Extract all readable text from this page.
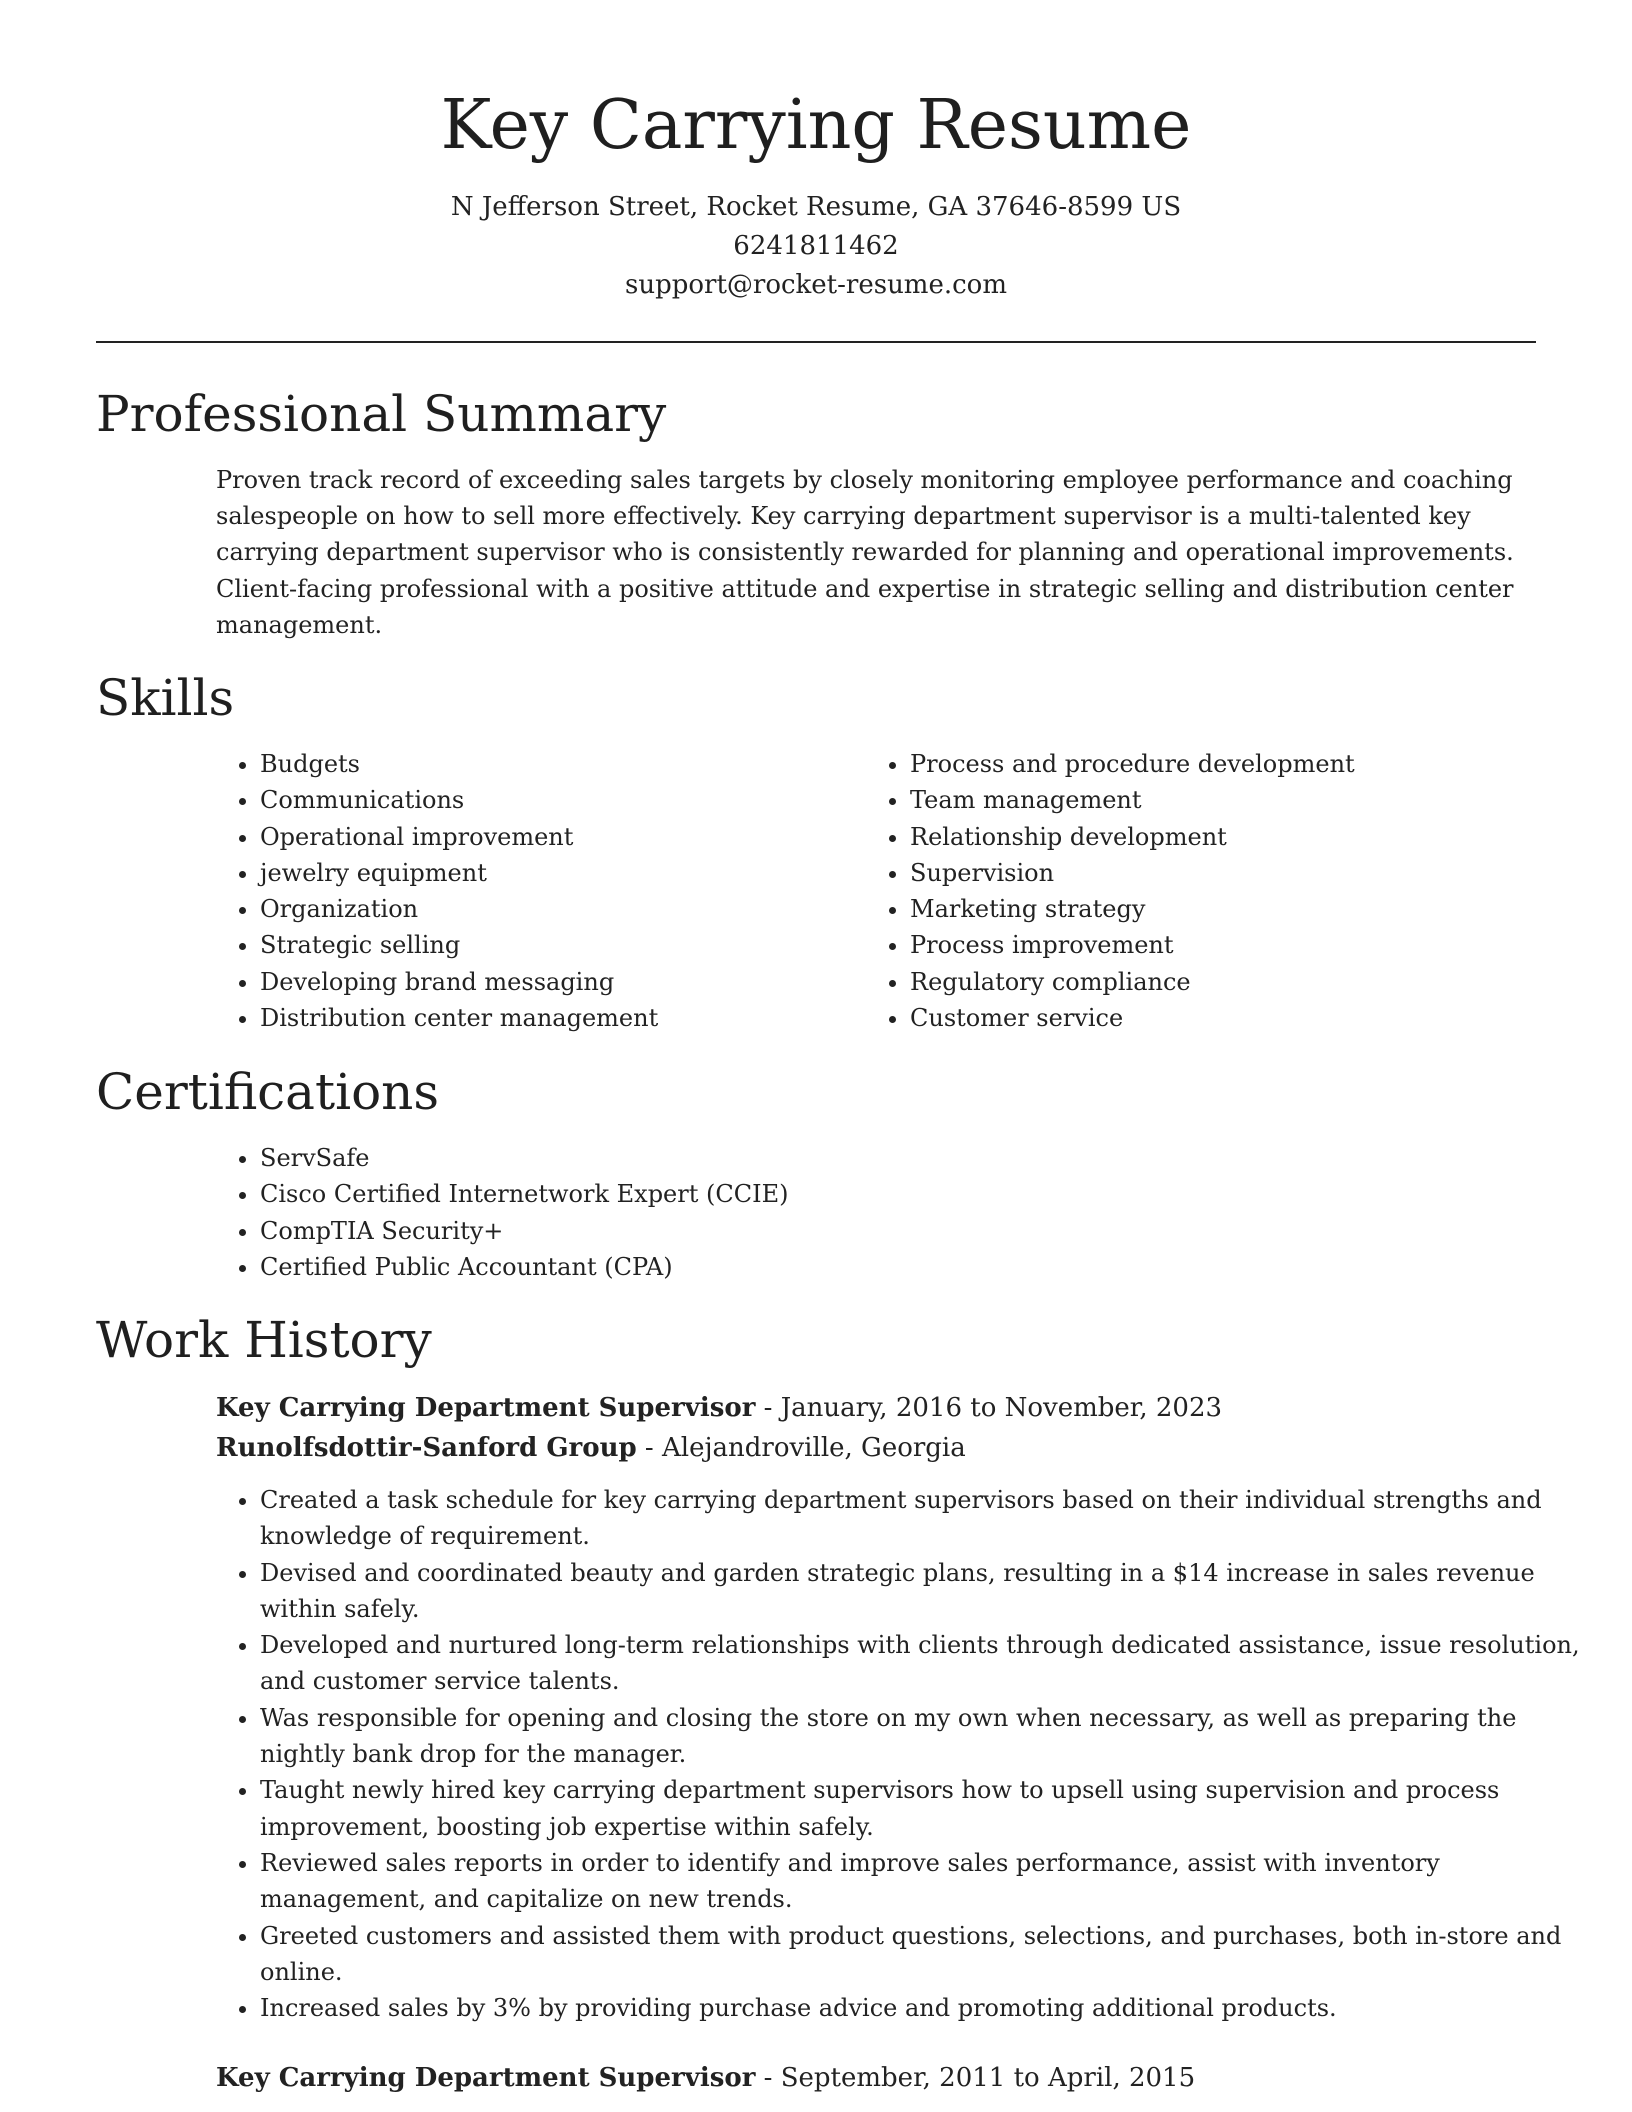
Key Carrying Resume
N Jefferson Street, Rocket Resume, GA 37646-8599 US
6241811462
support@rocket-resume.com
Professional Summary
Proven track record of exceeding sales targets by closely monitoring employee performance and coaching salespeople on how to sell more effectively. Key carrying department supervisor is a multi-talented key carrying department supervisor who is consistently rewarded for planning and operational improvements. Client-facing professional with a positive attitude and expertise in strategic selling and distribution center management.
Skills
• Budgets
• Communications
• Operational improvement
• jewelry equipment
• Organization
• Strategic selling
• Developing brand messaging
• Distribution center management
• Process and procedure development
• Team management
• Relationship development
• Supervision
• Marketing strategy
• Process improvement
• Regulatory compliance
• Customer service
Certifications
• ServSafe
• Cisco Certified Internetwork Expert (CCIE)
• CompTIA Security+
• Certified Public Accountant (CPA)
Work History
Key Carrying Department Supervisor - January, 2016 to November, 2023
Runolfsdottir-Sanford Group - Alejandroville, Georgia
• Created a task schedule for key carrying department supervisors based on their individual strengths and knowledge of requirement.
• Devised and coordinated beauty and garden strategic plans, resulting in a $14 increase in sales revenue within safely.
• Developed and nurtured long-term relationships with clients through dedicated assistance, issue resolution, and customer service talents.
• Was responsible for opening and closing the store on my own when necessary, as well as preparing the nightly bank drop for the manager.
• Taught newly hired key carrying department supervisors how to upsell using supervision and process improvement, boosting job expertise within safely.
• Reviewed sales reports in order to identify and improve sales performance, assist with inventory management, and capitalize on new trends.
• Greeted customers and assisted them with product questions, selections, and purchases, both in-store and online.
• Increased sales by 3% by providing purchase advice and promoting additional products.
Key Carrying Department Supervisor - September, 2011 to April, 2015
